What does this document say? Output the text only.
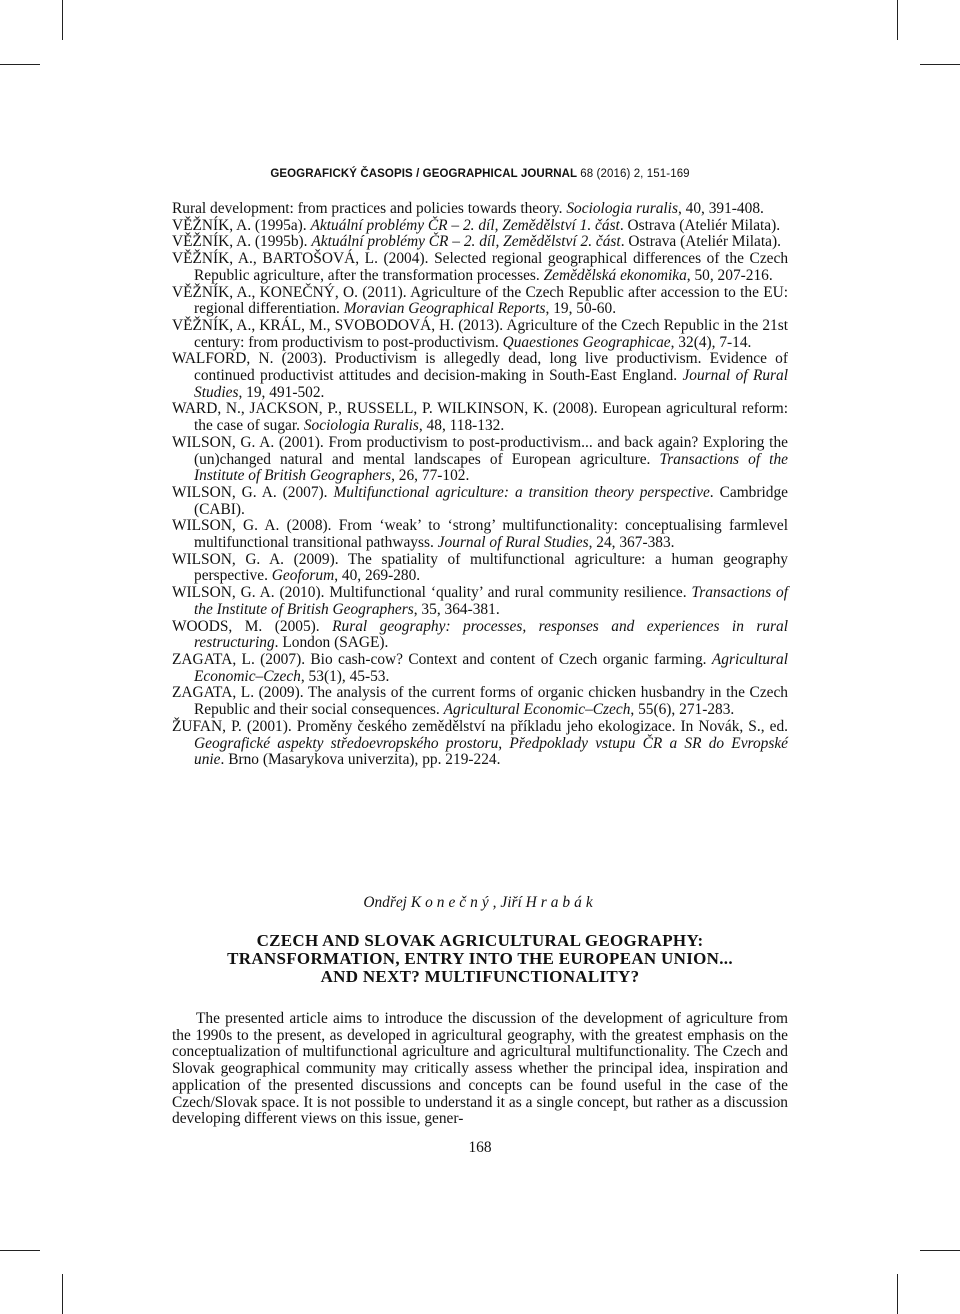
GEOGRAFICKÝ ČASOPIS / GEOGRAPHICAL JOURNAL 68 (2016) 2, 151-169
Rural development: from practices and policies towards theory. Sociologia ruralis, 40, 391-408.
VĚŽNÍK, A. (1995a). Aktuální problémy ČR – 2. díl, Zemědělství 1. část. Ostrava (Ateliér Milata).
VĚŽNÍK, A. (1995b). Aktuální problémy ČR – 2. díl, Zemědělství 2. část. Ostrava (Ateliér Milata).
VĚŽNÍK, A., BARTOŠOVÁ, L. (2004). Selected regional geographical differences of the Czech Republic agriculture, after the transformation processes. Zemědělská ekonomika, 50, 207-216.
VĚŽNÍK, A., KONEČNÝ, O. (2011). Agriculture of the Czech Republic after accession to the EU: regional differentiation. Moravian Geographical Reports, 19, 50-60.
VĚŽNÍK, A., KRÁL, M., SVOBODOVÁ, H. (2013). Agriculture of the Czech Republic in the 21st century: from productivism to post-productivism. Quaestiones Geographicae, 32(4), 7-14.
WALFORD, N. (2003). Productivism is allegedly dead, long live productivism. Evidence of continued productivist attitudes and decision-making in South-East England. Journal of Rural Studies, 19, 491-502.
WARD, N., JACKSON, P., RUSSELL, P. WILKINSON, K. (2008). European agricultural reform: the case of sugar. Sociologia Ruralis, 48, 118-132.
WILSON, G. A. (2001). From productivism to post-productivism... and back again? Exploring the (un)changed natural and mental landscapes of European agriculture. Transactions of the Institute of British Geographers, 26, 77-102.
WILSON, G. A. (2007). Multifunctional agriculture: a transition theory perspective. Cambridge (CABI).
WILSON, G. A. (2008). From ‘weak’ to ‘strong’ multifunctionality: conceptualising farmlevel multifunctional transitional pathwayss. Journal of Rural Studies, 24, 367-383.
WILSON, G. A. (2009). The spatiality of multifunctional agriculture: a human geography perspective. Geoforum, 40, 269-280.
WILSON, G. A. (2010). Multifunctional ‘quality’ and rural community resilience. Transactions of the Institute of British Geographers, 35, 364-381.
WOODS, M. (2005). Rural geography: processes, responses and experiences in rural restructuring. London (SAGE).
ZAGATA, L. (2007). Bio cash-cow? Context and content of Czech organic farming. Agricultural Economic–Czech, 53(1), 45-53.
ZAGATA, L. (2009). The analysis of the current forms of organic chicken husbandry in the Czech Republic and their social consequences. Agricultural Economic–Czech, 55(6), 271-283.
ŽUFAN, P. (2001). Proměny českého zemědělství na příkladu jeho ekologizace. In Novák, S., ed. Geografické aspekty středoevropského prostoru, Předpoklady vstupu ČR a SR do Evropské unie. Brno (Masarykova univerzita), pp. 219-224.
Ondřej Konečný, Jiří Hrabák
CZECH AND SLOVAK AGRICULTURAL GEOGRAPHY:
TRANSFORMATION, ENTRY INTO THE EUROPEAN UNION...
AND NEXT? MULTIFUNCTIONALITY?
The presented article aims to introduce the discussion of the development of agriculture from the 1990s to the present, as developed in agricultural geography, with the greatest emphasis on the conceptualization of multifunctional agriculture and agricultural multifunctionality. The Czech and Slovak geographical community may critically assess whether the principal idea, inspiration and application of the presented discussions and concepts can be found useful in the case of the Czech/Slovak space. It is not possible to understand it as a single concept, but rather as a discussion developing different views on this issue, gener-
168
